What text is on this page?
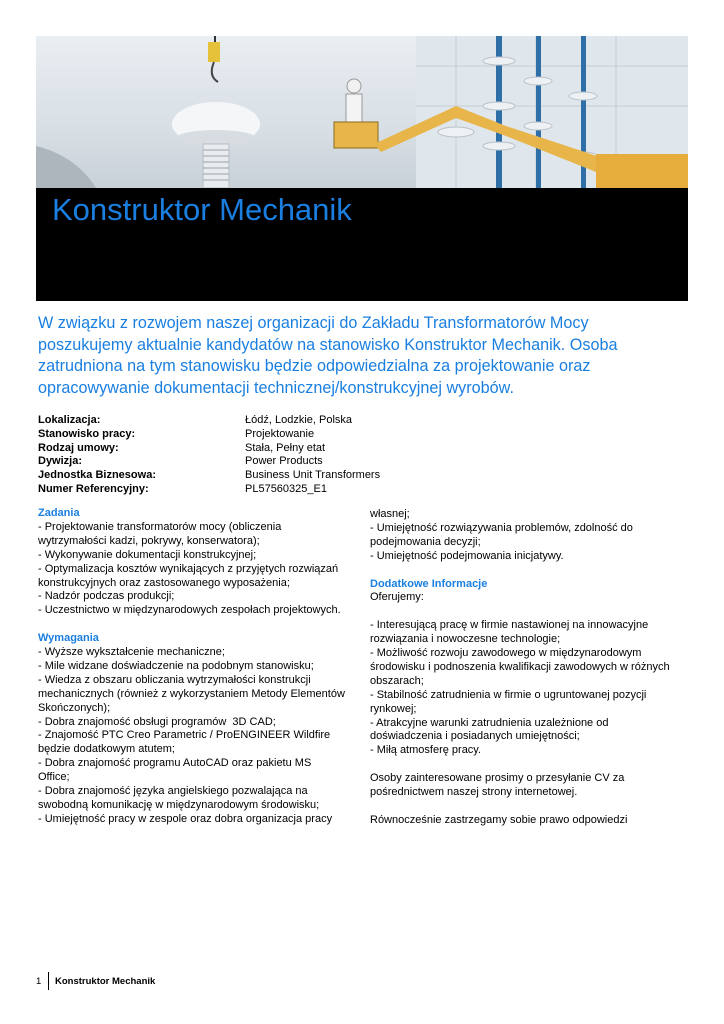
Konstruktor Mechanik

W związku z rozwojem naszej organizacji do Zakładu Transformatorów Mocy poszukujemy aktualnie kandydatów na stanowisko Konstruktor Mechanik. Osoba zatrudniona na tym stanowisku będzie odpowiedzialna za projektowanie oraz opracowywanie dokumentacji technicznej/konstrukcyjnej wyrobów.

Lokalizacja:	Łódź, Lodzkie, Polska
Stanowisko pracy:	Projektowanie
Rodzaj umowy:	Stała, Pełny etat
Dywizja:	Power Products
Jednostka Biznesowa:	Business Unit Transformers
Numer Referencyjny:	PL57560325_E1
Zadania
- Projektowanie transformatorów mocy (obliczenia
wytrzymałości kadzi, pokrywy, konserwatora);
- Wykonywanie dokumentacji konstrukcyjnej;
- Optymalizacja kosztów wynikających z przyjętych rozwiązań
konstrukcyjnych oraz zastosowanego wyposażenia;
- Nadzór podczas produkcji;
- Uczestnictwo w międzynarodowych zespołach projektowych.
Wymagania
- Wyższe wykształcenie mechaniczne;
- Mile widzane doświadczenie na podobnym stanowisku;
- Wiedza z obszaru obliczania wytrzymałości konstrukcji
mechanicznych (również z wykorzystaniem Metody Elementów
Skończonych);
- Dobra znajomość obsługi programów  3D CAD;
- Znajomość PTC Creo Parametric / ProENGINEER Wildfire
będzie dodatkowym atutem;
- Dobra znajomość programu AutoCAD oraz pakietu MS
Office;
- Dobra znajomość języka angielskiego pozwalająca na
swobodną komunikację w międzynarodowym środowisku;
- Umiejętność pracy w zespole oraz dobra organizacja pracy
własnej;
- Umiejętność rozwiązywania problemów, zdolność do
podejmowania decyzji;
- Umiejętność podejmowania inicjatywy.
Dodatkowe Informacje
Oferujemy:
- Interesującą pracę w firmie nastawionej na innowacyjne
rozwiązania i nowoczesne technologie;
- Możliwość rozwoju zawodowego w międzynarodowym
środowisku i podnoszenia kwalifikacji zawodowych w różnych
obszarach;
- Stabilność zatrudnienia w firmie o ugruntowanej pozycji
rynkowej;
- Atrakcyjne warunki zatrudnienia uzależnione od
doświadczenia i posiadanych umiejętności;
- Miłą atmosferę pracy.
Osoby zainteresowane prosimy o przesyłanie CV za
pośrednictwem naszej strony internetowej.
Równocześnie zastrzegamy sobie prawo odpowiedzi
1	Konstruktor Mechanik
